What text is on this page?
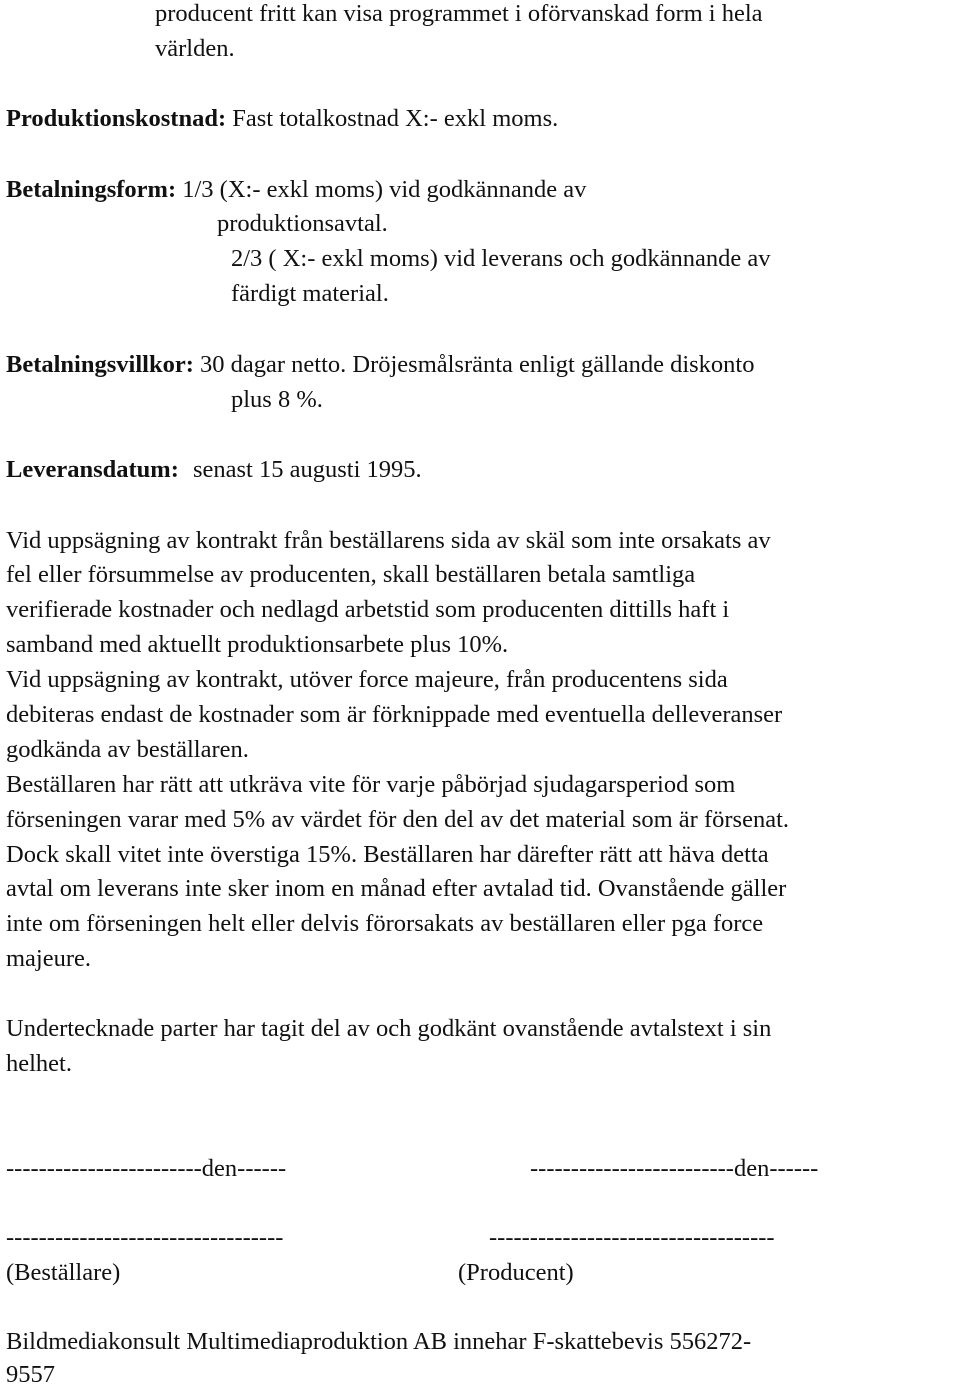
producent fritt kan visa programmet i oförvanskad form i hela
världen.
Produktionskostnad: Fast totalkostnad X:- exkl moms.
Betalningsform: 1/3 (X:- exkl moms) vid godkännande av
produktionsavtal.
2/3 ( X:- exkl moms) vid leverans och godkännande av
färdigt material.
Betalningsvillkor: 30 dagar netto. Dröjesmålsränta enligt gällande diskonto
plus 8 %.
Leveransdatum: senast 15 augusti 1995.
Vid uppsägning av kontrakt från beställarens sida av skäl som inte orsakats av
fel eller försummelse av producenten, skall beställaren betala samtliga
verifierade kostnader och nedlagd arbetstid som producenten dittills haft i
samband med aktuellt produktionsarbete plus 10%.
Vid uppsägning av kontrakt, utöver force majeure, från producentens sida
debiteras endast de kostnader som är förknippade med eventuella delleveranser
godkända av beställaren.
Beställaren har rätt att utkräva vite för varje påbörjad sjudagarsperiod som
förseningen varar med 5% av värdet för den del av det material som är försenat.
Dock skall vitet inte överstiga 15%. Beställaren har därefter rätt att häva detta
avtal om leverans inte sker inom en månad efter avtalad tid. Ovanstående gäller
inte om förseningen helt eller delvis förorsakats av beställaren eller pga force
majeure.
Undertecknade parter har tagit del av och godkänt ovanstående avtalstext i sin
helhet.
------------------------den------	-------------------------den------
----------------------------------	-----------------------------------
(Beställare)	(Producent)
Bildmediakonsult Multimediaproduktion AB innehar F-skattebevis 556272-
9557
